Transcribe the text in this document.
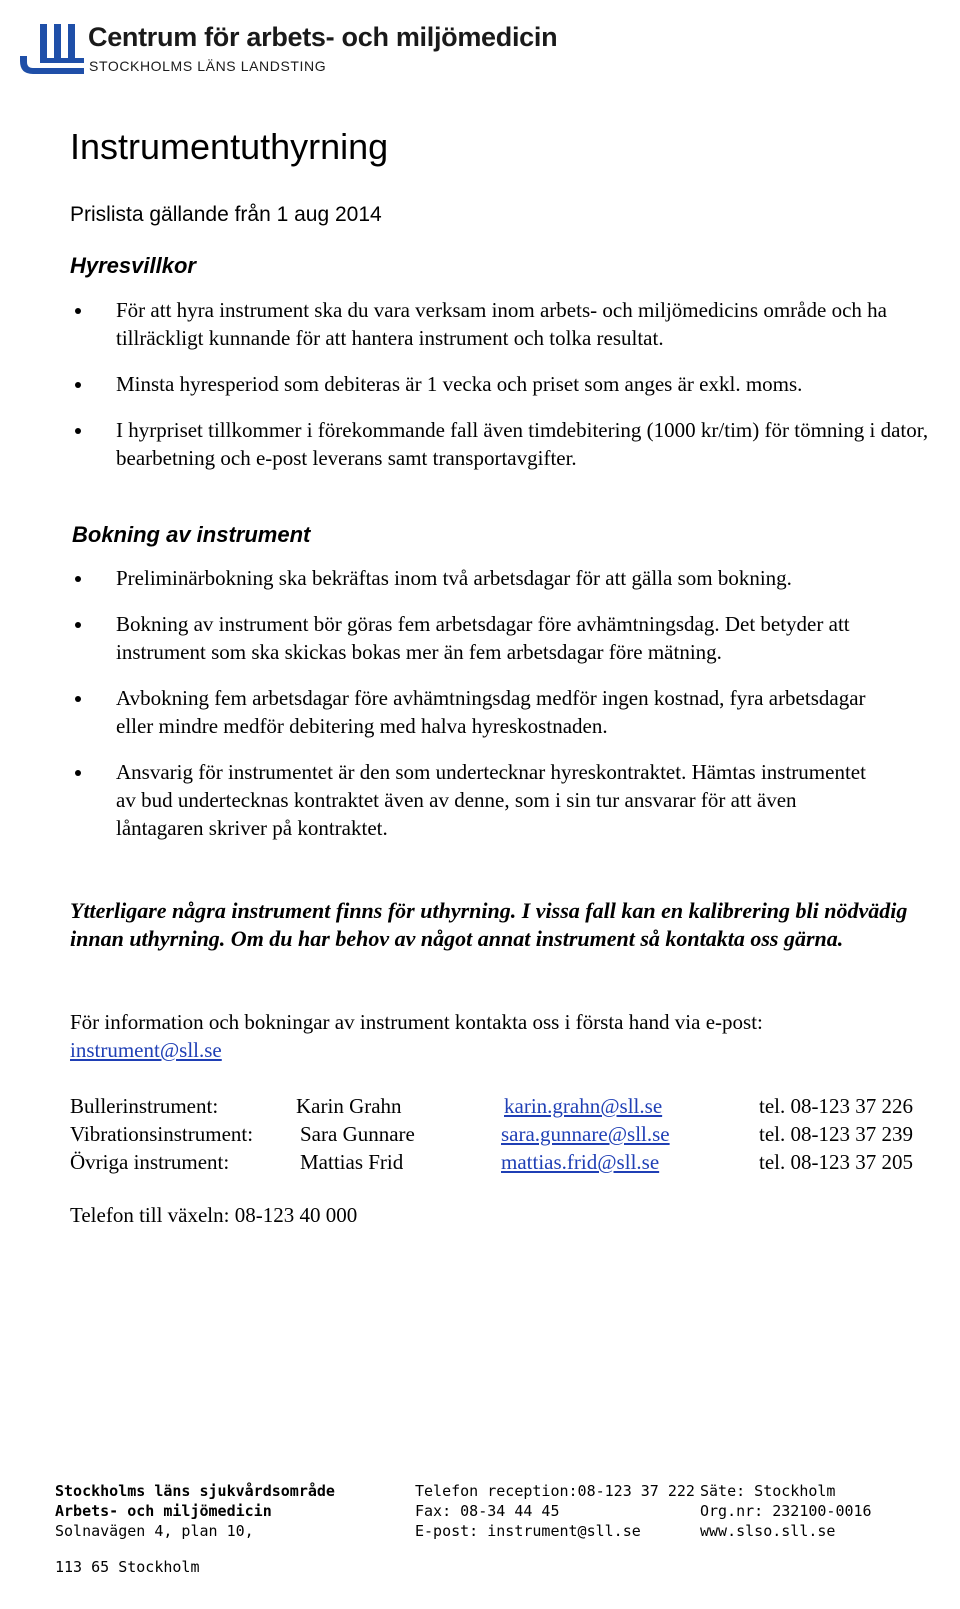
Centrum för arbets- och miljömedicin
STOCKHOLMS LÄNS LANDSTING
Instrumentuthyrning
Prislista gällande från 1 aug 2014
Hyresvillkor
För att hyra instrument ska du vara verksam inom arbets- och miljömedicins område och ha tillräckligt kunnande för att hantera instrument och tolka resultat.
Minsta hyresperiod som debiteras är 1 vecka och priset som anges är exkl. moms.
I hyrpriset tillkommer i förekommande fall även timdebitering (1000 kr/tim) för tömning i dator, bearbetning och e-post leverans samt transportavgifter.
Bokning av instrument
Preliminärbokning ska bekräftas inom två arbetsdagar för att gälla som bokning.
Bokning av instrument bör göras fem arbetsdagar före avhämtningsdag. Det betyder att instrument som ska skickas bokas mer än fem arbetsdagar före mätning.
Avbokning fem arbetsdagar före avhämtningsdag medför ingen kostnad, fyra arbetsdagar eller mindre medför debitering med halva hyreskostnaden.
Ansvarig för instrumentet är den som undertecknar hyreskontraktet. Hämtas instrumentet av bud undertecknas kontraktet även av denne, som i sin tur ansvarar för att även låntagaren skriver på kontraktet.
Ytterligare några instrument finns för uthyrning. I vissa fall kan en kalibrering bli nödvädig innan uthyrning. Om du har behov av något annat instrument så kontakta oss gärna.
För information och bokningar av instrument kontakta oss i första hand via e-post:
instrument@sll.se
Bullerinstrument:	Karin Grahn	karin.grahn@sll.se	tel. 08-123 37 226
Vibrationsinstrument: Sara Gunnare	sara.gunnare@sll.se	tel. 08-123 37 239
Övriga instrument:	Mattias Frid	mattias.frid@sll.se	tel. 08-123 37 205
Telefon till växeln: 08-123 40 000
Stockholms läns sjukvårdsområde
Arbets- och miljömedicin
Solnavägen 4, plan 10,
113 65 Stockholm
Telefon reception:08-123 37 222
Fax: 08-34 44 45
E-post: instrument@sll.se
Säte: Stockholm
Org.nr: 232100-0016
www.slso.sll.se
